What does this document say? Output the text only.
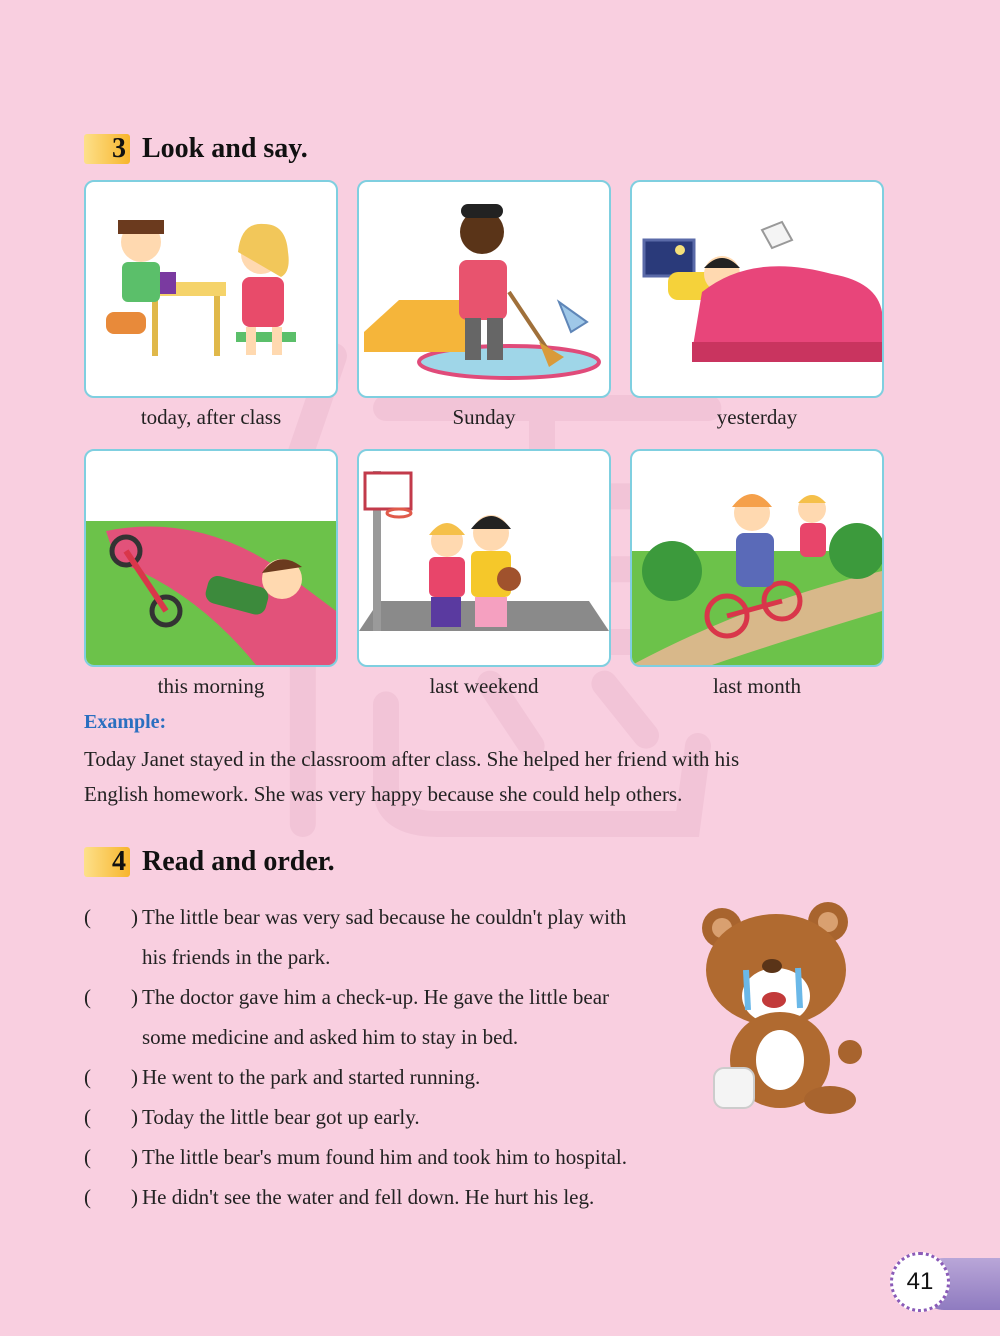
3 Look and say.
today, after class	Sunday	yesterday
this morning	last weekend	last month
Example:

Today Janet stayed in the classroom after class. She helped her friend with his
English homework. She was very happy because she could help others.

4 Read and order.
( ) The little bear was very sad because he couldn't play with
his friends in the park.
( ) The doctor gave him a check-up. He gave the little bear
some medicine and asked him to stay in bed.
( ) He went to the park and started running.
( ) Today the little bear got up early.
( ) The little bear's mum found him and took him to hospital.
( ) He didn't see the water and fell down. He hurt his leg.
41
